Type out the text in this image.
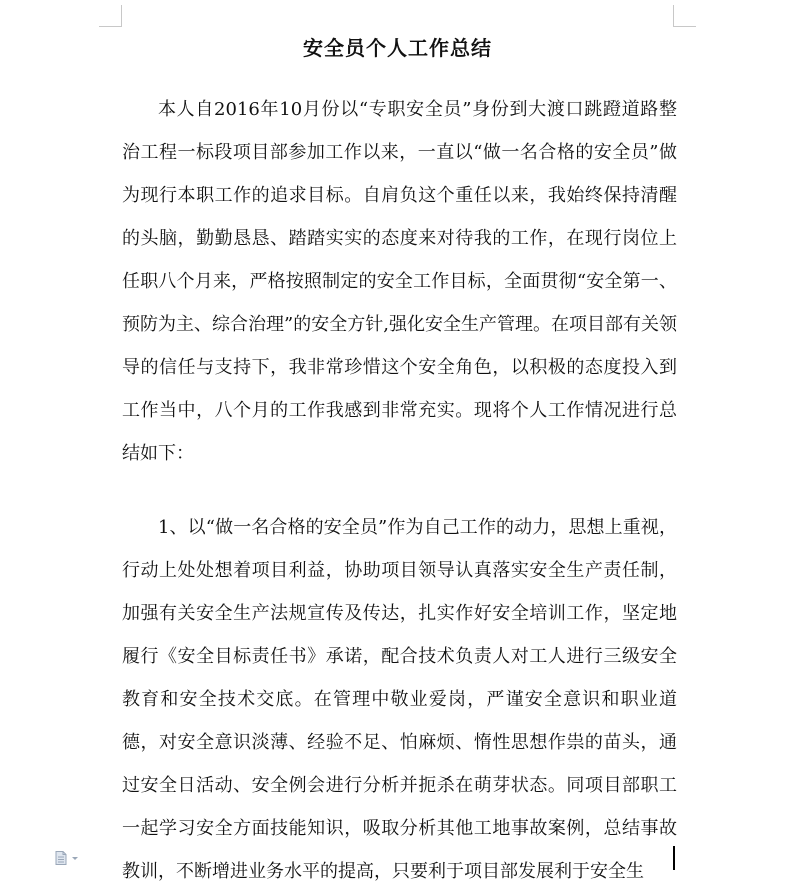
安全员个人工作总结

本人自2016年10月份以“专职安全员”身份到大渡口跳蹬道路整治工程一标段项目部参加工作以来，一直以“做一名合格的安全员”做为现行本职工作的追求目标。自肩负这个重任以来，我始终保持清醒的头脑，勤勤恳恳、踏踏实实的态度来对待我的工作，在现行岗位上任职八个月来，严格按照制定的安全工作目标，全面贯彻“安全第一、预防为主、综合治理”的安全方针,强化安全生产管理。在项目部有关领导的信任与支持下，我非常珍惜这个安全角色，以积极的态度投入到工作当中，八个月的工作我感到非常充实。现将个人工作情况进行总结如下：

1、以“做一名合格的安全员”作为自己工作的动力，思想上重视，行动上处处想着项目利益，协助项目领导认真落实安全生产责任制，加强有关安全生产法规宣传及传达，扎实作好安全培训工作，坚定地履行《安全目标责任书》承诺，配合技术负责人对工人进行三级安全教育和安全技术交底。在管理中敬业爱岗，严谨安全意识和职业道德，对安全意识淡薄、经验不足、怕麻烦、惰性思想作祟的苗头，通过安全日活动、安全例会进行分析并扼杀在萌芽状态。同项目部职工一起学习安全方面技能知识，吸取分析其他工地事故案例，总结事故教训，不断增进业务水平的提高，只要利于项目部发展利于安全生
